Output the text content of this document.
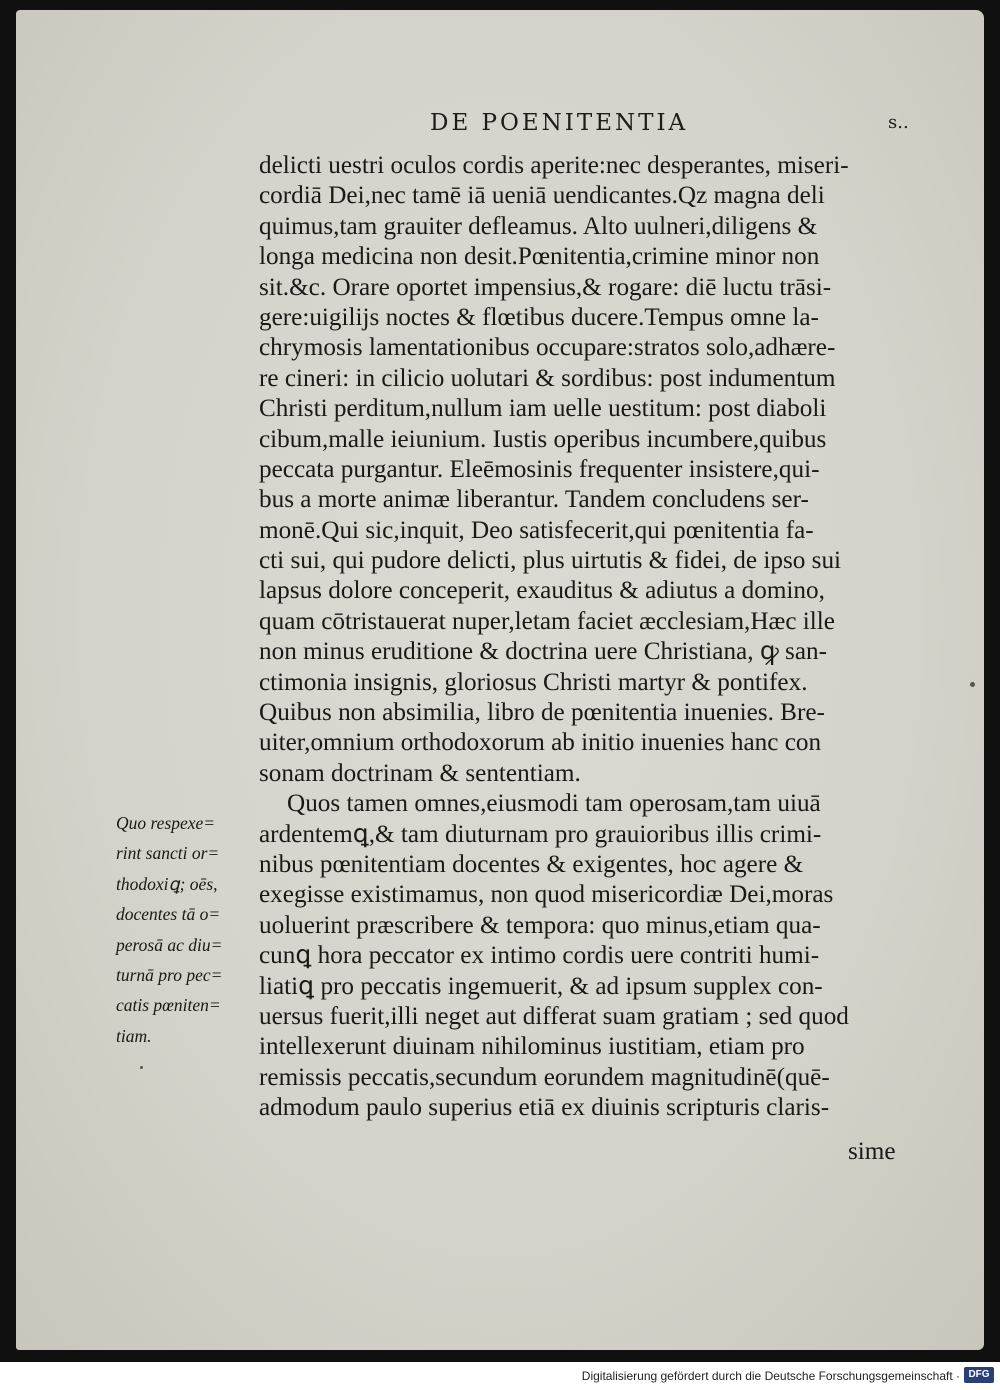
DE POENITENTIA	s..
delicti uestri oculos cordis aperite:nec desperantes, miseri-
cordiā Dei,nec tamē iā ueniā uendicantes.Qz magna deli
quimus,tam grauiter defleamus. Alto uulneri,diligens &
longa medicina non desit.Pœnitentia,crimine minor non
sit.&c. Orare oportet impensius,& rogare: diē luctu trāsi-
gere:uigilijs noctes & flœtibus ducere.Tempus omne la-
chrymosis lamentationibus occupare:stratos solo,adhære-
re cineri: in cilicio uolutari & sordibus: post indumentum
Christi perditum,nullum iam uelle uestitum: post diaboli
cibum,malle ieiunium. Iustis operibus incumbere,quibus
peccata purgantur. Eleēmosinis frequenter insistere,qui-
bus a morte animæ liberantur. Tandem concludens ser-
monē.Qui sic,inquit, Deo satisfecerit,qui pœnitentia fa-
cti sui, qui pudore delicti, plus uirtutis & fidei, de ipso sui
lapsus dolore conceperit, exauditus & adiutus a domino,
quam cōtristauerat nuper,letam faciet æcclesiam,Hæc ille
non minus eruditione & doctrina uere Christiana, ꝙ san-
ctimonia insignis, gloriosus Christi martyr & pontifex.
Quibus non absimilia, libro de pœnitentia inuenies. Bre-
uiter,omnium orthodoxorum ab initio inuenies hanc con
sonam doctrinam & sententiam.
Quos tamen omnes,eiusmodi tam operosam,tam uiuā
ardentemꝗ,& tam diuturnam pro grauioribus illis crimi-
nibus pœnitentiam docentes & exigentes, hoc agere &
exegisse existimamus, non quod misericordiæ Dei,moras
uoluerint præscribere & tempora: quo minus,etiam qua-
cunꝗ hora peccator ex intimo cordis uere contriti humi-
liatiꝗ pro peccatis ingemuerit, & ad ipsum supplex con-
uersus fuerit,illi neget aut differat suam gratiam ; sed quod
intellexerunt diuinam nihilominus iustitiam, etiam pro
remissis peccatis,secundum eorundem magnitudinē(quē-
admodum paulo superius etiā ex diuinis scripturis claris-
sime
Quo respexe=
rint sancti or=
thodoxiꝗ; oēs,
docentes tā o=
perosā ac diu=
turnā pro pec=
catis pœniten=
tiam.
Digitalisierung gefördert durch die Deutsche Forschungsgemeinschaft · DFG
